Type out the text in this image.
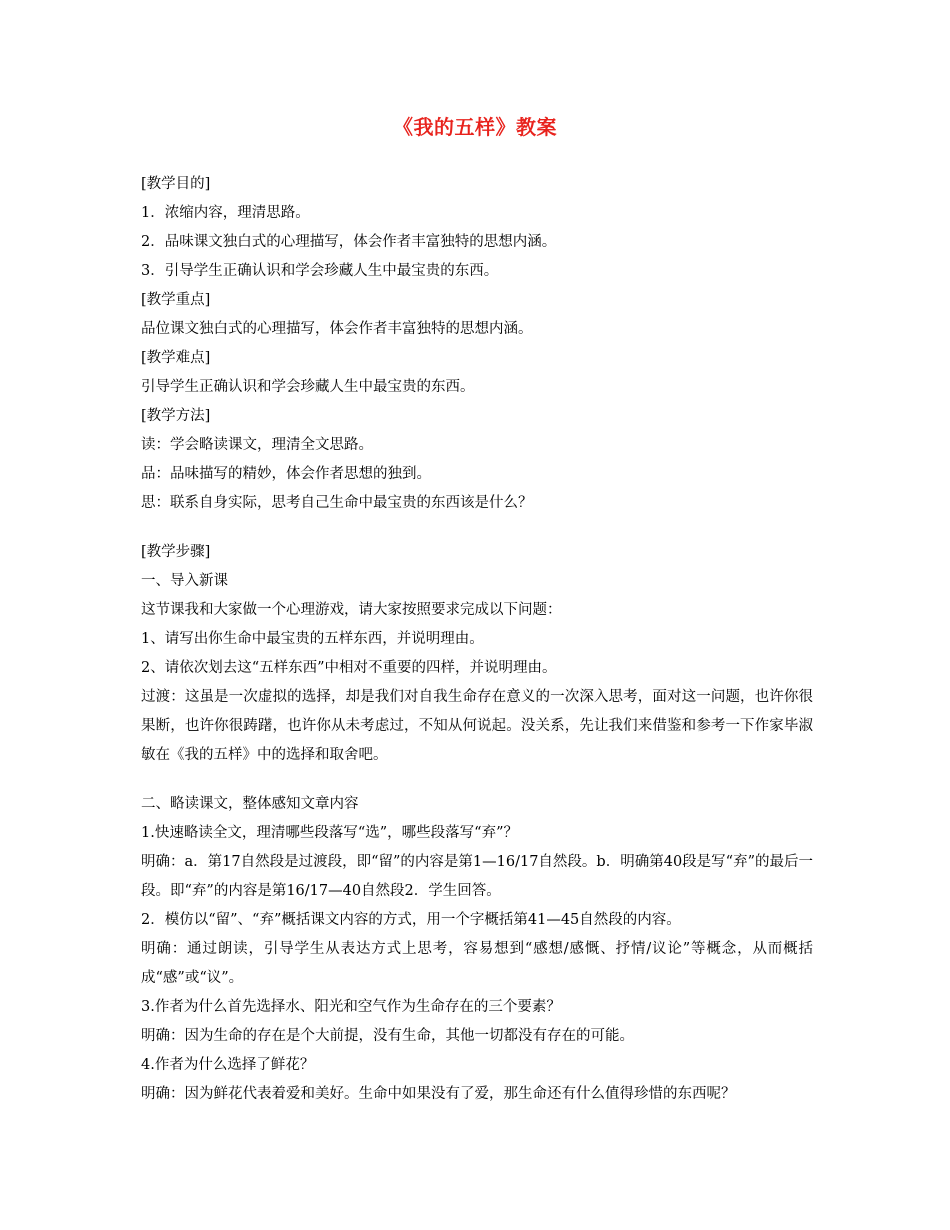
《我的五样》教案

[教学目的]

1．浓缩内容，理清思路。

2．品味课文独白式的心理描写，体会作者丰富独特的思想内涵。

3．引导学生正确认识和学会珍藏人生中最宝贵的东西。

[教学重点]

品位课文独白式的心理描写，体会作者丰富独特的思想内涵。

[教学难点]

引导学生正确认识和学会珍藏人生中最宝贵的东西。

[教学方法]

读：学会略读课文，理清全文思路。

品：品味描写的精妙，体会作者思想的独到。

思：联系自身实际，思考自己生命中最宝贵的东西该是什么？

[教学步骤]

一、导入新课

这节课我和大家做一个心理游戏，请大家按照要求完成以下问题：

1、请写出你生命中最宝贵的五样东西，并说明理由。

2、请依次划去这“五样东西”中相对不重要的四样，并说明理由。

过渡：这虽是一次虚拟的选择，却是我们对自我生命存在意义的一次深入思考，面对这一问题，也许你很果断，也许你很踌躇，也许你从未考虑过，不知从何说起。没关系，先让我们来借鉴和参考一下作家毕淑敏在《我的五样》中的选择和取舍吧。

二、略读课文，整体感知文章内容

1.快速略读全文，理清哪些段落写“选”，哪些段落写“弃”？

明确：a．第17自然段是过渡段，即“留”的内容是第1—16/17自然段。b．明确第40段是写“弃”的最后一段。即“弃”的内容是第16/17—40自然段2．学生回答。

2．模仿以“留”、“弃”概括课文内容的方式，用一个字概括第41—45自然段的内容。

明确：通过朗读，引导学生从表达方式上思考，容易想到“感想/感慨、抒情/议论”等概念，从而概括成“感”或“议”。

3.作者为什么首先选择水、阳光和空气作为生命存在的三个要素？

明确：因为生命的存在是个大前提，没有生命，其他一切都没有存在的可能。

4.作者为什么选择了鲜花？

明确：因为鲜花代表着爱和美好。生命中如果没有了爱，那生命还有什么值得珍惜的东西呢？
